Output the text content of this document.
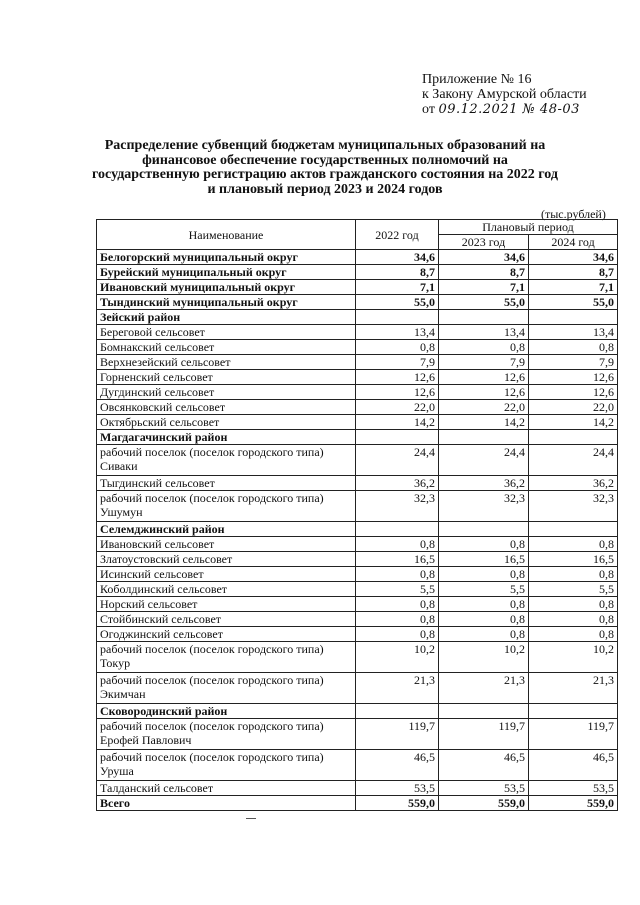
Приложение № 16
к Закону Амурской области
от 09.12.2021 № 48-03
Распределение субвенций бюджетам муниципальных образований на финансовое обеспечение государственных полномочий на государственную регистрацию актов гражданского состояния на 2022 год и плановый период 2023 и 2024 годов
(тыс.рублей)
Наименование	2022 год	Плановый период	
		2023 год	2024 год
Белогорский муниципальный округ	34,6	34,6	34,6
Бурейский муниципальный округ	8,7	8,7	8,7
Ивановский муниципальный округ	7,1	7,1	7,1
Тындинский муниципальный округ	55,0	55,0	55,0
Зейский район			
Береговой сельсовет	13,4	13,4	13,4
Бомнакский сельсовет	0,8	0,8	0,8
Верхнезейский сельсовет	7,9	7,9	7,9
Горненский сельсовет	12,6	12,6	12,6
Дугдинский сельсовет	12,6	12,6	12,6
Овсянковский сельсовет	22,0	22,0	22,0
Октябрьский сельсовет	14,2	14,2	14,2
Магдагачинский район			
рабочий поселок (поселок городского типа) Сиваки	24,4	24,4	24,4
Тыгдинский сельсовет	36,2	36,2	36,2
рабочий поселок (поселок городского типа) Ушумун	32,3	32,3	32,3
Селемджинский район			
Ивановский сельсовет	0,8	0,8	0,8
Златоустовский сельсовет	16,5	16,5	16,5
Исинский сельсовет	0,8	0,8	0,8
Коболдинский сельсовет	5,5	5,5	5,5
Норский сельсовет	0,8	0,8	0,8
Стойбинский сельсовет	0,8	0,8	0,8
Огоджинский сельсовет	0,8	0,8	0,8
рабочий поселок (поселок городского типа) Токур	10,2	10,2	10,2
рабочий поселок (поселок городского типа) Экимчан	21,3	21,3	21,3
Сковородинский район			
рабочий поселок (поселок городского типа) Ерофей Павлович	119,7	119,7	119,7
рабочий поселок (поселок городского типа) Уруша	46,5	46,5	46,5
Талданский сельсовет	53,5	53,5	53,5
Всего	559,0	559,0	559,0
